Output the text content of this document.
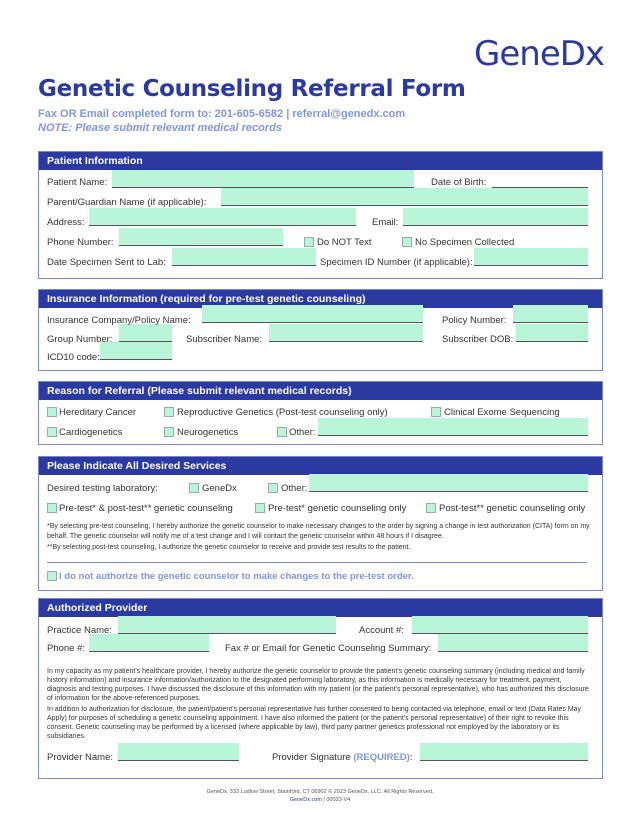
GeneDx
Genetic Counseling Referral Form
Fax OR Email completed form to: 201-605-6582 | referral@genedx.com
NOTE: Please submit relevant medical records
Patient Information
Patient Name:	Date of Birth:
Parent/Guardian Name (if applicable):
Address:	Email:
Phone Number:	Do NOT Text	No Specimen Collected
Date Specimen Sent to Lab:	Specimen ID Number (if applicable):
Insurance Information (required for pre-test genetic counseling)
Insurance Company/Policy Name:	Policy Number:
Group Number:	Subscriber Name:	Subscriber DOB:
ICD10 code:
Reason for Referral (Please submit relevant medical records)
Hereditary Cancer	Reproductive Genetics (Post-test counseling only)	Clinical Exome Sequencing
Cardiogenetics	Neurogenetics	Other:
Please Indicate All Desired Services
Desired testing laboratory:	GeneDx	Other:
Pre-test* & post-test** genetic counseling	Pre-test* genetic counseling only	Post-test** genetic counseling only
*By selecting pre-test counseling, I hereby authorize the genetic counselor to make necessary changes to the order by signing a change in test authorization (CITA) form on my behalf. The genetic counselor will notify me of a test change and I will contact the genetic counselor within 48 hours if I disagree.
**By selecting post-test counseling, I authorize the genetic counselor to receive and provide test results to the patient.
I do not authorize the genetic counselor to make changes to the pre-test order.
Authorized Provider
Practice Name:	Account #:
Phone #:	Fax # or Email for Genetic Counseling Summary:
In my capacity as my patient's healthcare provider, I hereby authorize the genetic counselor to provide the patient's genetic counseling summary (including medical and family history information) and insurance information/authorization to the designated performing laboratory, as this information is medically necessary for treatment, payment, diagnosis and testing purposes. I have discussed the disclosure of this information with my patient (or the patient's personal representative), who has authorized this disclosure of information for the above-referenced purposes.
In addition to authorization for disclosure, the patient/patient's personal representative has further consented to being contacted via telephone, email or text (Data Rates May Apply) for purposes of scheduling a genetic counseling appointment. I have also informed the patient (or the patient's personal representative) of their right to revoke this consent. Genetic counseling may be performed by a licensed (where applicable by law), third party partner genetics professional not employed by the laboratory or its subsidiaries.
Provider Name:	Provider Signature (REQUIRED):
GeneDx, 333 Ludlow Street, Stamford, CT 06902 © 2023 GeneDx, LLC. All Rights Reserved.
GeneDx.com | 00033-V4
